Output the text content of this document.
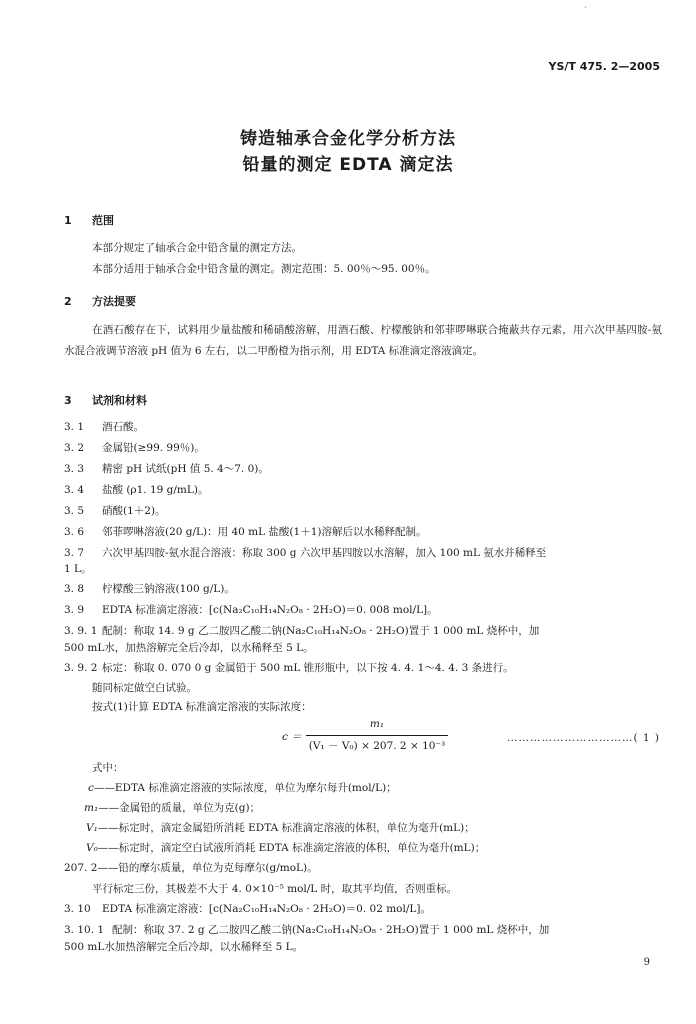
`
YS/T 475. 2—2005
铸造轴承合金化学分析方法
铅量的测定 EDTA 滴定法
1 范围
本部分规定了轴承合金中铅含量的测定方法。
本部分适用于轴承合金中铅含量的测定。测定范围：5. 00％～95. 00％。
2 方法提要
在酒石酸存在下，试料用少量盐酸和稀硝酸溶解，用酒石酸、柠檬酸钠和邻菲啰啉联合掩蔽共存元素，用六次甲基四胺-氨水混合液调节溶液 pH 值为 6 左右，以二甲酚橙为指示剂，用 EDTA 标准滴定溶液滴定。
3 试剂和材料
3. 1 酒石酸。
3. 2 金属铅(≥99. 99％)。
3. 3 精密 pH 试纸(pH 值 5. 4～7. 0)。
3. 4 盐酸 (ρ1. 19 g/mL)。
3. 5 硝酸(1＋2)。
3. 6 邻菲啰啉溶液(20 g/L)：用 40 mL 盐酸(1＋1)溶解后以水稀释配制。
3. 7 六次甲基四胺-氨水混合溶液：称取 300 g 六次甲基四胺以水溶解，加入 100 mL 氨水并稀释至
1 L。
3. 8 柠檬酸三钠溶液(100 g/L)。
3. 9 EDTA 标准滴定溶液：[c(Na₂C₁₀H₁₄N₂O₈ · 2H₂O)＝0. 008 mol/L]。
3. 9. 1 配制：称取 14. 9 g 乙二胺四乙酸二钠(Na₂C₁₀H₁₄N₂O₈ · 2H₂O)置于 1 000 mL 烧杯中，加
500 mL水，加热溶解完全后冷却，以水稀释至 5 L。
3. 9. 2 标定：称取 0. 070 0 g 金属铅于 500 mL 锥形瓶中，以下按 4. 4. 1～4. 4. 3 条进行。
随同标定做空白试验。
按式(1)计算 EDTA 标准滴定溶液的实际浓度：
c ＝
m₁
(V₁ － V₀) × 207. 2 × 10⁻³
……………………………( 1 )
式中：
c——EDTA 标准滴定溶液的实际浓度，单位为摩尔每升(mol/L)；
m₁——金属铅的质量，单位为克(g)；
V₁——标定时，滴定金属铅所消耗 EDTA 标准滴定溶液的体积，单位为毫升(mL)；
V₀——标定时，滴定空白试液所消耗 EDTA 标准滴定溶液的体积，单位为毫升(mL)；
207. 2——铅的摩尔质量，单位为克每摩尔(g/moL)。
平行标定三份，其极差不大于 4. 0×10⁻⁵ mol/L 时，取其平均值，否则重标。
3. 10 EDTA 标准滴定溶液：[c(Na₂C₁₀H₁₄N₂O₈ · 2H₂O)＝0. 02 mol/L]。
3. 10. 1 配制：称取 37. 2 g 乙二胺四乙酸二钠(Na₂C₁₀H₁₄N₂O₈ · 2H₂O)置于 1 000 mL 烧杯中，加
500 mL水加热溶解完全后冷却，以水稀释至 5 L。
9
